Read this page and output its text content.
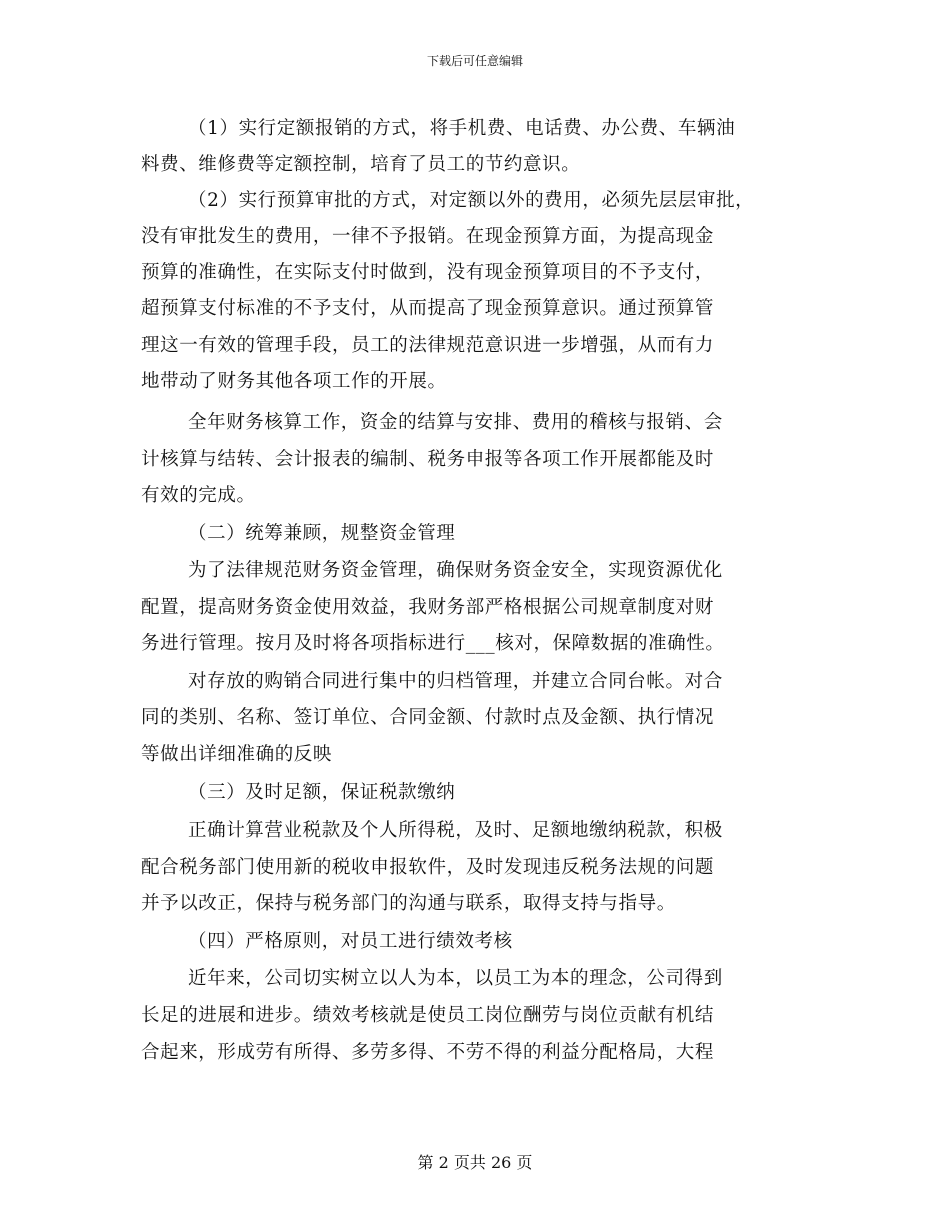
下载后可任意编辑
（1）实行定额报销的方式，将手机费、电话费、办公费、车辆油
料费、维修费等定额控制，培育了员工的节约意识。
（2）实行预算审批的方式，对定额以外的费用，必须先层层审批，
没有审批发生的费用，一律不予报销。在现金预算方面，为提高现金
预算的准确性，在实际支付时做到，没有现金预算项目的不予支付，
超预算支付标准的不予支付，从而提高了现金预算意识。通过预算管
理这一有效的管理手段，员工的法律规范意识进一步增强，从而有力
地带动了财务其他各项工作的开展。
全年财务核算工作，资金的结算与安排、费用的稽核与报销、会
计核算与结转、会计报表的编制、税务申报等各项工作开展都能及时
有效的完成。
（二）统筹兼顾，规整资金管理
为了法律规范财务资金管理，确保财务资金安全，实现资源优化
配置，提高财务资金使用效益，我财务部严格根据公司规章制度对财
务进行管理。按月及时将各项指标进行___核对，保障数据的准确性。
对存放的购销合同进行集中的归档管理，并建立合同台帐。对合
同的类别、名称、签订单位、合同金额、付款时点及金额、执行情况
等做出详细准确的反映
（三）及时足额，保证税款缴纳
正确计算营业税款及个人所得税，及时、足额地缴纳税款，积极
配合税务部门使用新的税收申报软件，及时发现违反税务法规的问题
并予以改正，保持与税务部门的沟通与联系，取得支持与指导。
（四）严格原则，对员工进行绩效考核
近年来，公司切实树立以人为本，以员工为本的理念，公司得到
长足的进展和进步。绩效考核就是使员工岗位酬劳与岗位贡献有机结
合起来，形成劳有所得、多劳多得、不劳不得的利益分配格局，大程
第 2 页共 26 页
